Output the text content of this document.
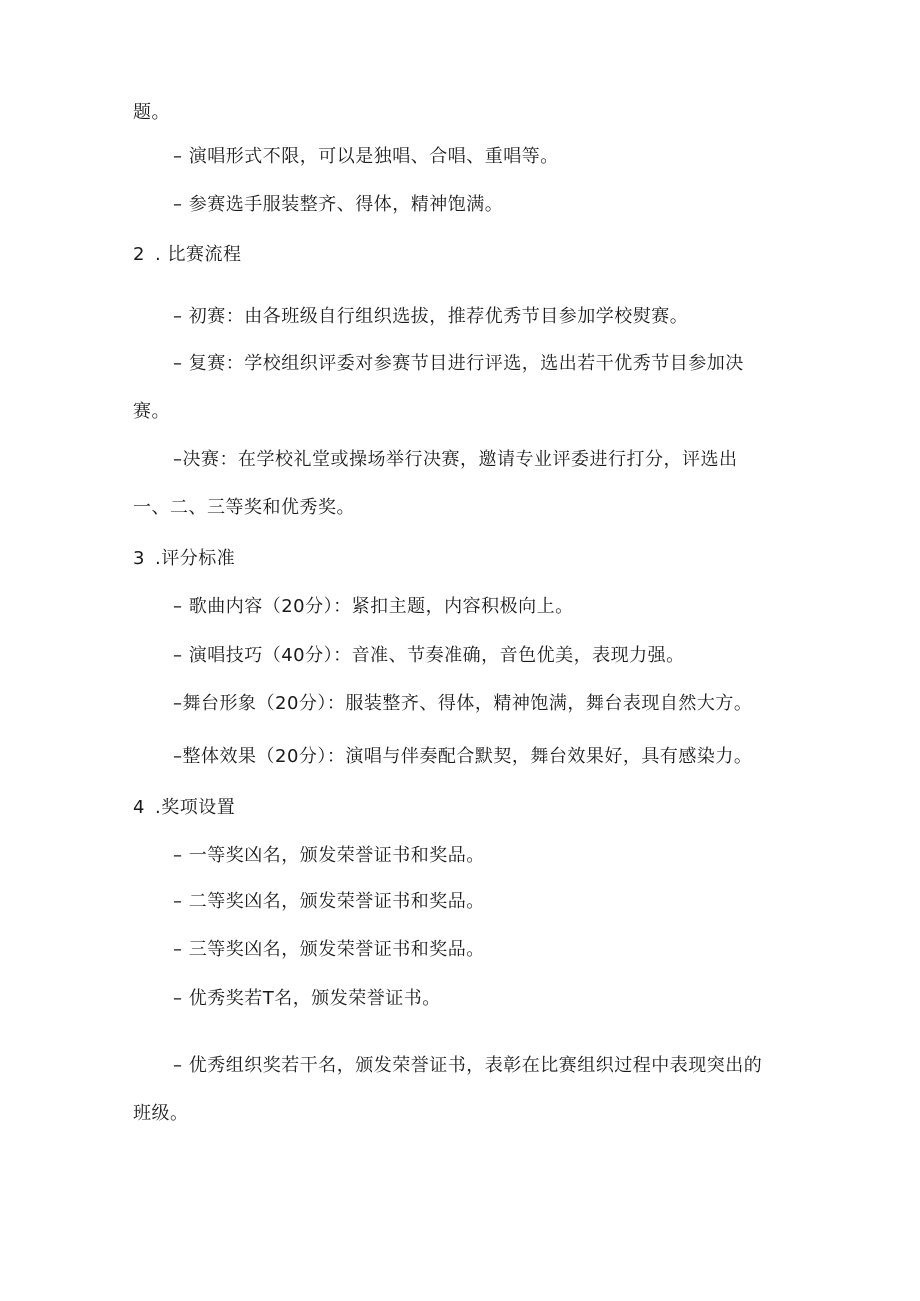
题。
– 演唱形式不限，可以是独唱、合唱、重唱等。
– 参赛选手服装整齐、得体，精神饱满。
2 . 比赛流程
– 初赛：由各班级自行组织选拔，推荐优秀节目参加学校熨赛。
– 复赛：学校组织评委对参赛节目进行评选，选出若干优秀节目参加决
赛。
–决赛：在学校礼堂或操场举行决赛，邀请专业评委进行打分，评选出
一、二、三等奖和优秀奖。
3 .评分标准
– 歌曲内容（20分）：紧扣主题，内容积极向上。
– 演唱技巧（40分）：音准、节奏准确，音色优美，表现力强。
–舞台形象（20分）：服装整齐、得体，精神饱满，舞台表现自然大方。
–整体效果（20分）：演唱与伴奏配合默契，舞台效果好，具有感染力。
4 .奖项设置
– 一等奖凶名，颁发荣誉证书和奖品。
– 二等奖凶名，颁发荣誉证书和奖品。
– 三等奖凶名，颁发荣誉证书和奖品。
– 优秀奖若T名，颁发荣誉证书。
– 优秀组织奖若干名，颁发荣誉证书，表彰在比赛组织过程中表现突出的
班级。
